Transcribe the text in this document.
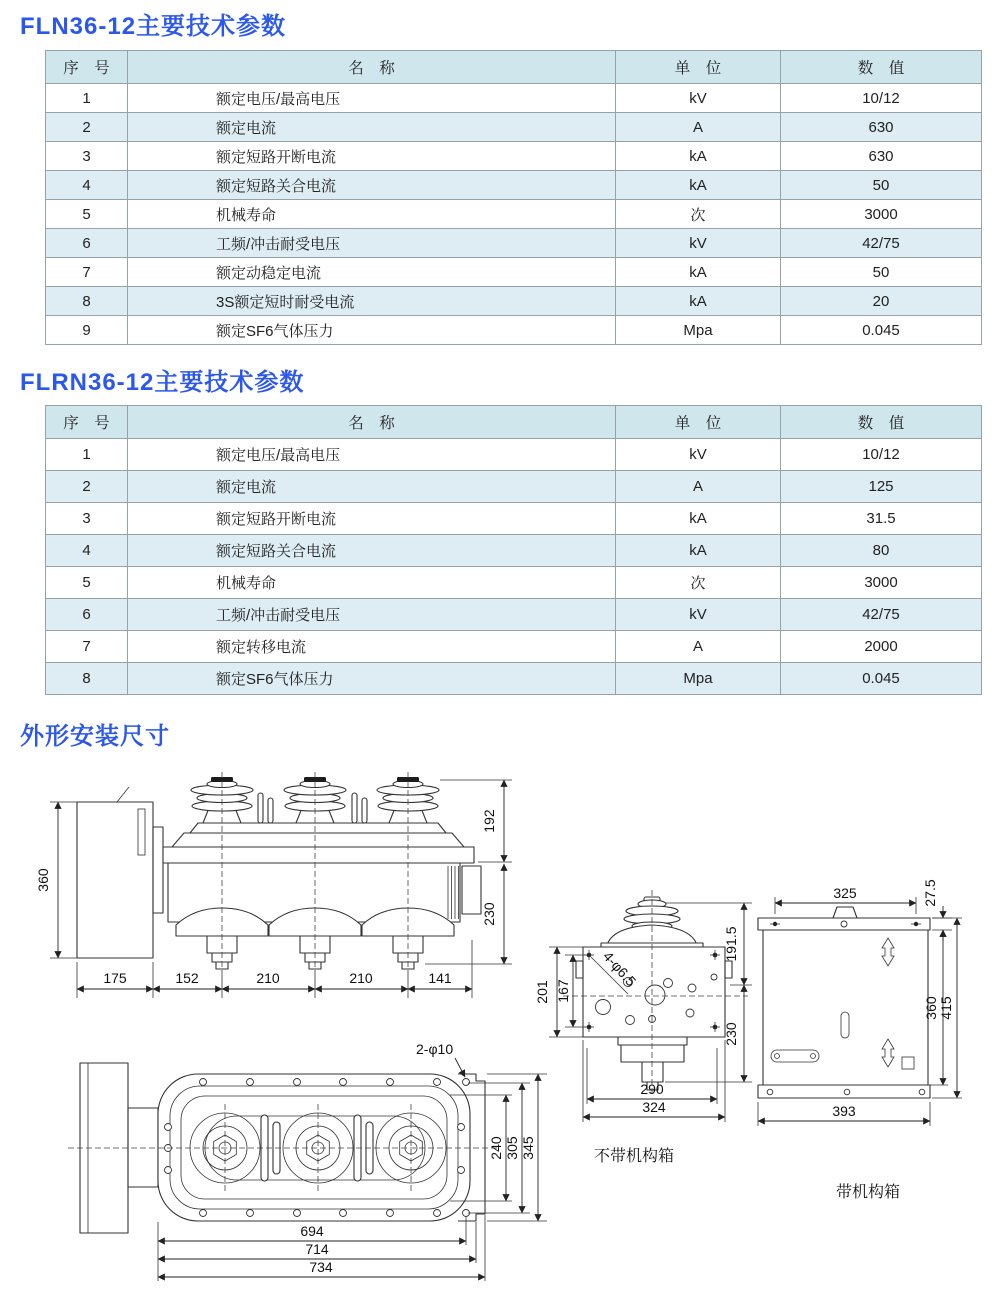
FLN36-12主要技术参数
序　号	名　称	单　位	数　值
1	额定电压/最高电压	kV	10/12
2	额定电流	A	630
3	额定短路开断电流	kA	630
4	额定短路关合电流	kA	50
5	机械寿命	次	3000
6	工频/冲击耐受电压	kV	42/75
7	额定动稳定电流	kA	50
8	3S额定短时耐受电流	kA	20
9	额定SF6气体压力	Mpa	0.045
FLRN36-12主要技术参数
序　号	名　称	单　位	数　值
1	额定电压/最高电压	kV	10/12
2	额定电流	A	125
3	额定短路开断电流	kA	31.5
4	额定短路关合电流	kA	80
5	机械寿命	次	3000
6	工频/冲击耐受电压	kV	42/75
7	额定转移电流	A	2000
8	额定SF6气体压力	Mpa	0.045
外形安装尺寸
360
192
230
175	152	210	210	141
2-φ10
240 305 345
694
714
734
4-φ6.5
201 167
191.5
230
290
324
不带机构箱
325	27.5
360 415
393
带机构箱
